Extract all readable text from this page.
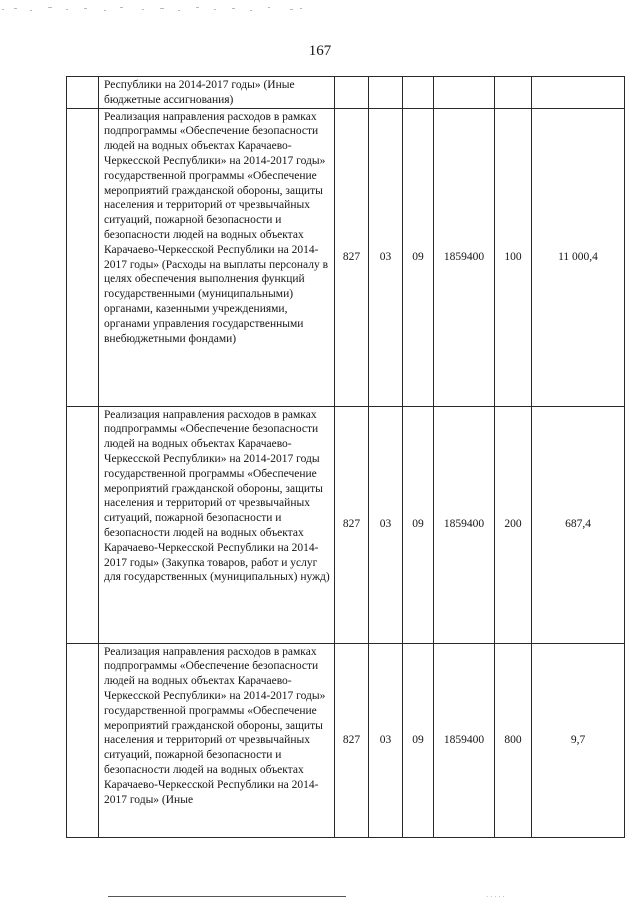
167
	Республики на 2014-2017 годы» (Иные бюджетные ассигнования)						
	Реализация направления расходов в рамках подпрограммы «Обеспечение безопасности людей на водных объектах Карачаево-Черкесской Республики» на 2014-2017 годы» государственной программы «Обеспечение мероприятий гражданской обороны, защиты населения и территорий от чрезвычайных ситуаций, пожарной безопасности и безопасности людей на водных объектах Карачаево-Черкесской Республики на 2014-2017 годы» (Расходы на выплаты персоналу в целях обеспечения выполнения функций государственными (муниципальными) органами, казенными учреждениями, органами управления государственными внебюджетными фондами)	827	03	09	1859400	100	11 000,4
	Реализация направления расходов в рамках подпрограммы «Обеспечение безопасности людей на водных объектах Карачаево-Черкесской Республики» на 2014-2017 годы государственной программы «Обеспечение мероприятий гражданской обороны, защиты населения и территорий от чрезвычайных ситуаций, пожарной безопасности и безопасности людей на водных объектах Карачаево-Черкесской Республики на 2014-2017 годы» (Закупка товаров, работ и услуг для государственных (муниципальных) нужд)	827	03	09	1859400	200	687,4
	Реализация направления расходов в рамках подпрограммы «Обеспечение безопасности людей на водных объектах Карачаево-Черкесской Республики» на 2014-2017 годы» государственной программы «Обеспечение мероприятий гражданской обороны, защиты населения и территорий от чрезвычайных ситуаций, пожарной безопасности и безопасности людей на водных объектах Карачаево-Черкесской Республики на 2014-2017 годы» (Иные	827	03	09	1859400	800	9,7
· · · · ·
